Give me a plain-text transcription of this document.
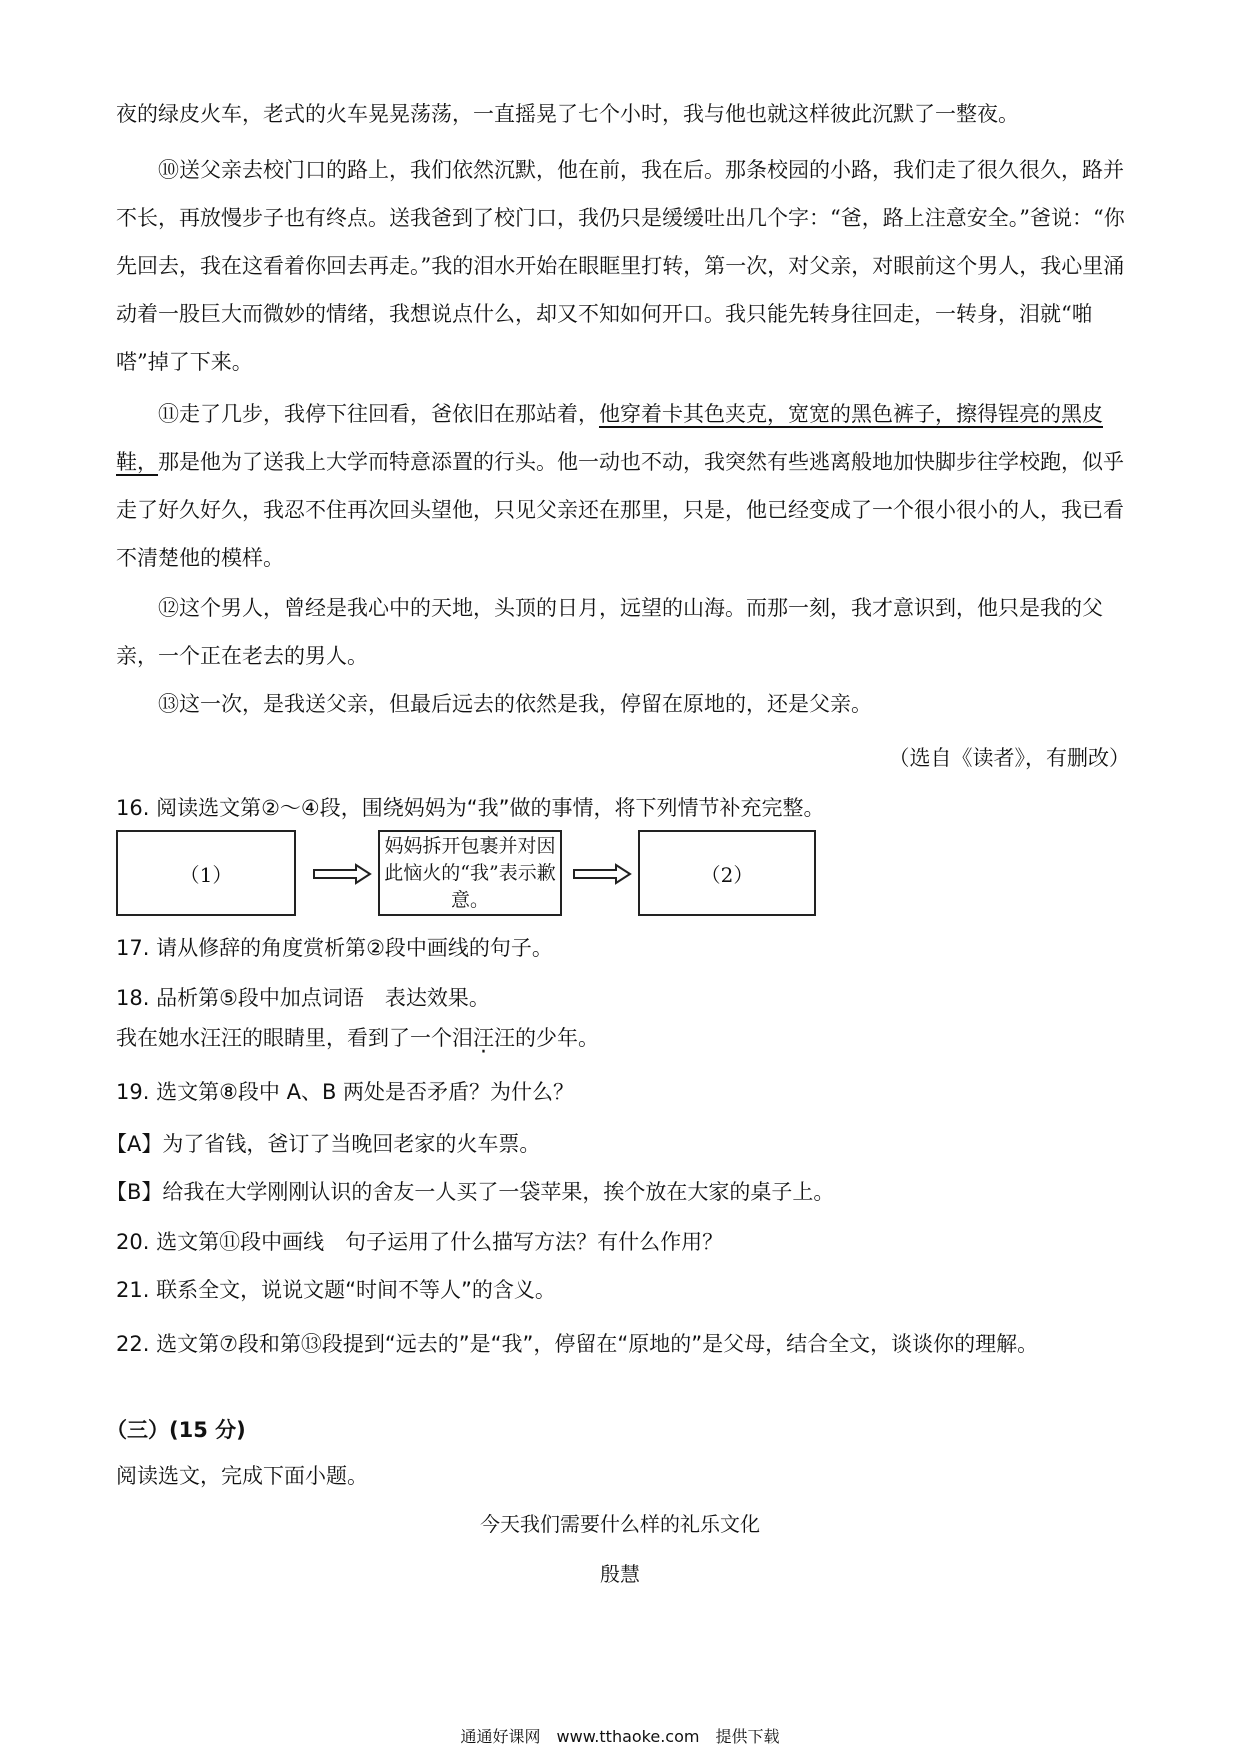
夜的绿皮火车，老式的火车晃晃荡荡，一直摇晃了七个小时，我与他也就这样彼此沉默了一整夜。

⑩送父亲去校门口的路上，我们依然沉默，他在前，我在后。那条校园的小路，我们走了很久很久，路并不长，再放慢步子也有终点。送我爸到了校门口，我仍只是缓缓吐出几个字：“爸，路上注意安全。”爸说：“你先回去，我在这看着你回去再走。”我的泪水开始在眼眶里打转，第一次，对父亲，对眼前这个男人，我心里涌动着一股巨大而微妙的情绪，我想说点什么，却又不知如何开口。我只能先转身往回走，一转身，泪就“啪嗒”掉了下来。

⑪走了几步，我停下往回看，爸依旧在那站着，他穿着卡其色夹克，宽宽的黑色裤子，擦得锃亮的黑皮鞋，那是他为了送我上大学而特意添置的行头。他一动也不动，我突然有些逃离般地加快脚步往学校跑，似乎走了好久好久，我忍不住再次回头望他，只见父亲还在那里，只是，他已经变成了一个很小很小的人，我已看不清楚他的模样。

⑫这个男人，曾经是我心中的天地，头顶的日月，远望的山海。而那一刻，我才意识到，他只是我的父亲，一个正在老去的男人。

⑬这一次，是我送父亲，但最后远去的依然是我，停留在原地的，还是父亲。

（选自《读者》，有删改）

16. 阅读选文第②～④段，围绕妈妈为“我”做的事情，将下列情节补充完整。

（1）
妈妈拆开包裹并对因此恼火的“我”表示歉意。
（2）

17. 请从修辞的角度赏析第②段中画线的句子。

18. 品析第⑤段中加点词语　表达效果。

我在她水汪汪的眼睛里，看到了一个泪汪汪的少年。

19. 选文第⑧段中 A、B 两处是否矛盾？为什么？

【A】为了省钱，爸订了当晚回老家的火车票。

【B】给我在大学刚刚认识的舍友一人买了一袋苹果，挨个放在大家的桌子上。

20. 选文第⑪段中画线　句子运用了什么描写方法？有什么作用？

21. 联系全文，说说文题“时间不等人”的含义。

22. 选文第⑦段和第⑬段提到“远去的”是“我”，停留在“原地的”是父母，结合全文，谈谈你的理解。

（三）(15 分)

阅读选文，完成下面小题。

今天我们需要什么样的礼乐文化
殷慧
通通好课网　www.tthaoke.com　提供下载
